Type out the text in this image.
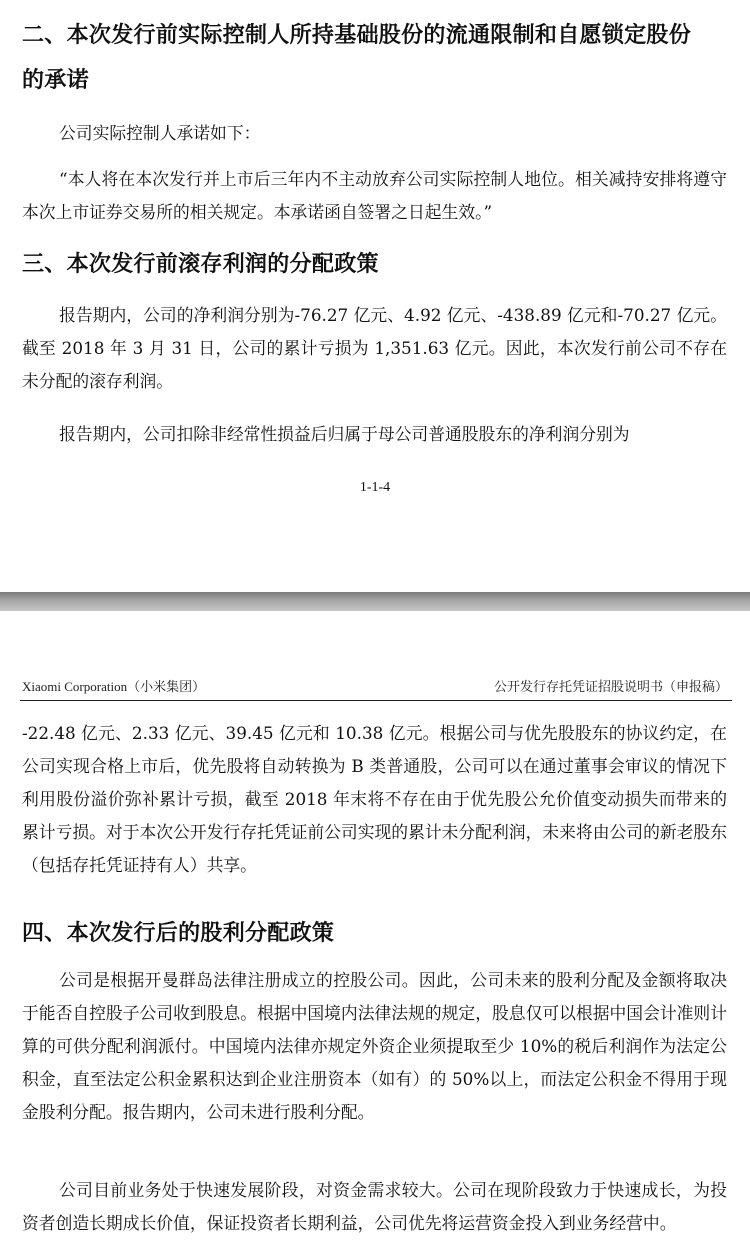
二、本次发行前实际控制人所持基础股份的流通限制和自愿锁定股份

的承诺

公司实际控制人承诺如下：

“本人将在本次发行并上市后三年内不主动放弃公司实际控制人地位。相关减持安排将遵守本次上市证券交易所的相关规定。本承诺函自签署之日起生效。”

三、本次发行前滚存利润的分配政策

报告期内，公司的净利润分别为-76.27 亿元、4.92 亿元、-438.89 亿元和-70.27 亿元。截至 2018 年 3 月 31 日，公司的累计亏损为 1,351.63 亿元。因此，本次发行前公司不存在未分配的滚存利润。

报告期内，公司扣除非经常性损益后归属于母公司普通股股东的净利润分别为

1-1-4

Xiaomi Corporation（小米集团）	公开发行存托凭证招股说明书（申报稿）

-22.48 亿元、2.33 亿元、39.45 亿元和 10.38 亿元。根据公司与优先股股东的协议约定，在公司实现合格上市后，优先股将自动转换为 B 类普通股，公司可以在通过董事会审议的情况下利用股份溢价弥补累计亏损，截至 2018 年末将不存在由于优先股公允价值变动损失而带来的累计亏损。对于本次公开发行存托凭证前公司实现的累计未分配利润，未来将由公司的新老股东（包括存托凭证持有人）共享。

四、本次发行后的股利分配政策

公司是根据开曼群岛法律注册成立的控股公司。因此，公司未来的股利分配及金额将取决于能否自控股子公司收到股息。根据中国境内法律法规的规定，股息仅可以根据中国会计准则计算的可供分配利润派付。中国境内法律亦规定外资企业须提取至少 10%的税后利润作为法定公积金，直至法定公积金累积达到企业注册资本（如有）的 50%以上，而法定公积金不得用于现金股利分配。报告期内，公司未进行股利分配。

公司目前业务处于快速发展阶段，对资金需求较大。公司在现阶段致力于快速成长，为投资者创造长期成长价值，保证投资者长期利益，公司优先将运营资金投入到业务经营中。
